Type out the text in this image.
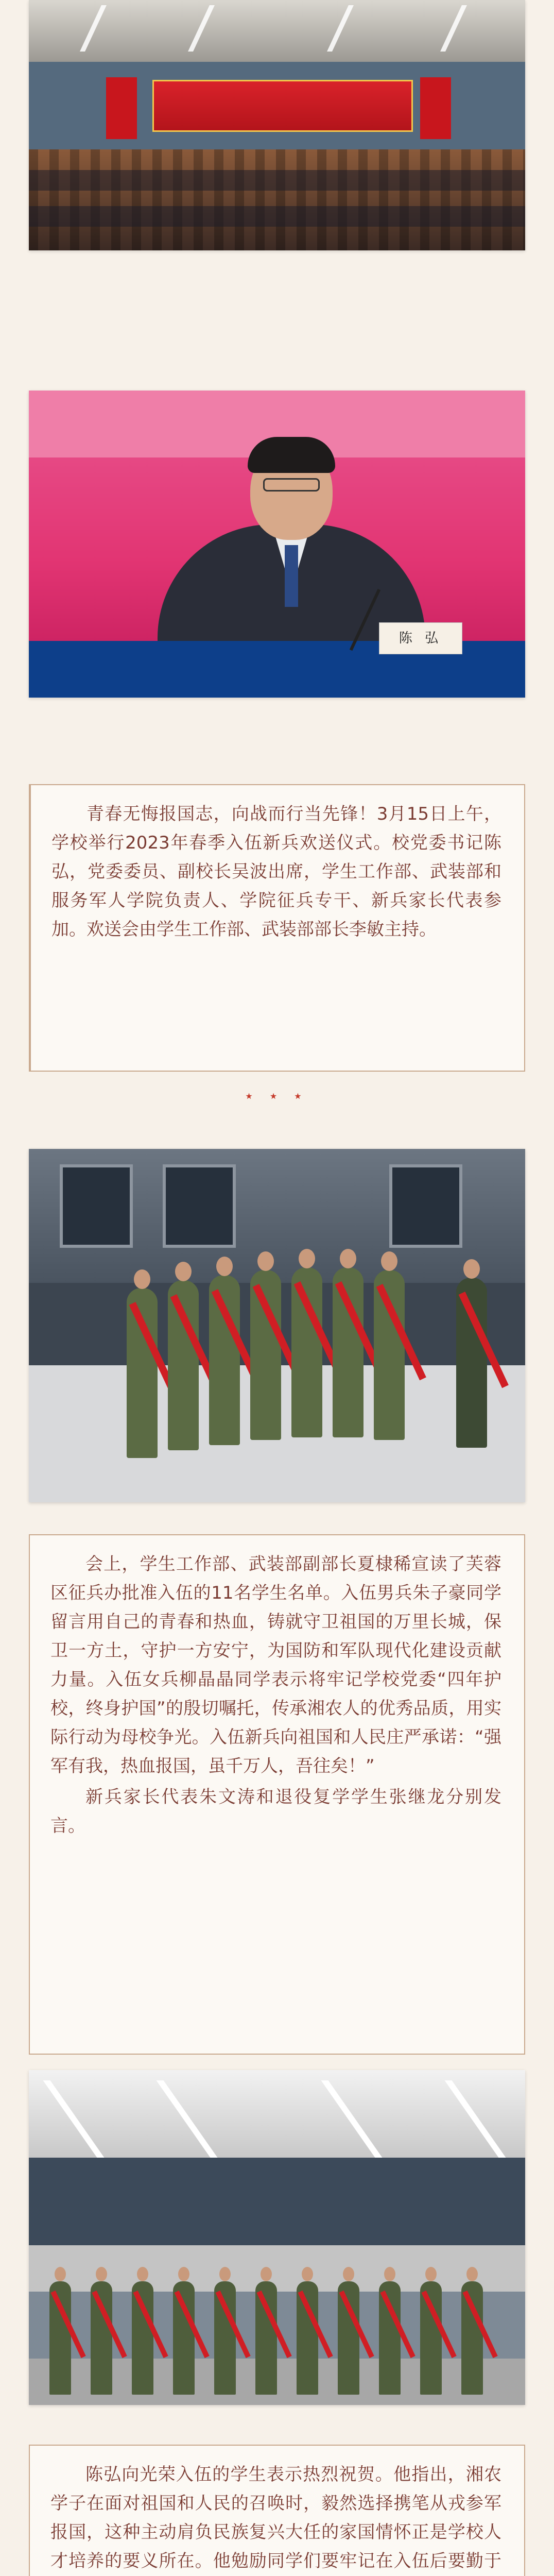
陈 弘

青春无悔报国志，向战而行当先锋！3月15日上午，学校举行2023年春季入伍新兵欢送仪式。校党委书记陈弘，党委委员、副校长吴波出席，学生工作部、武装部和服务军人学院负责人、学院征兵专干、新兵家长代表参加。欢送会由学生工作部、武装部部长李敏主持。

★ ★ ★

会上，学生工作部、武装部副部长夏棣稀宣读了芙蓉区征兵办批准入伍的11名学生名单。入伍男兵朱子豪同学留言用自己的青春和热血，铸就守卫祖国的万里长城，保卫一方土，守护一方安宁，为国防和军队现代化建设贡献力量。入伍女兵柳晶晶同学表示将牢记学校党委“四年护校，终身护国”的殷切嘱托，传承湘农人的优秀品质，用实际行动为母校争光。入伍新兵向祖国和人民庄严承诺：“强军有我，热血报国，虽千万人，吾往矣！”

新兵家长代表朱文涛和退役复学学生张继龙分别发言。

陈弘向光荣入伍的学生表示热烈祝贺。他指出，湘农学子在面对祖国和人民的召唤时，毅然选择携笔从戎参军报国，这种主动肩负民族复兴大任的家国情怀正是学校人才培养的要义所在。他勉励同学们要牢记在入伍后要勤于
